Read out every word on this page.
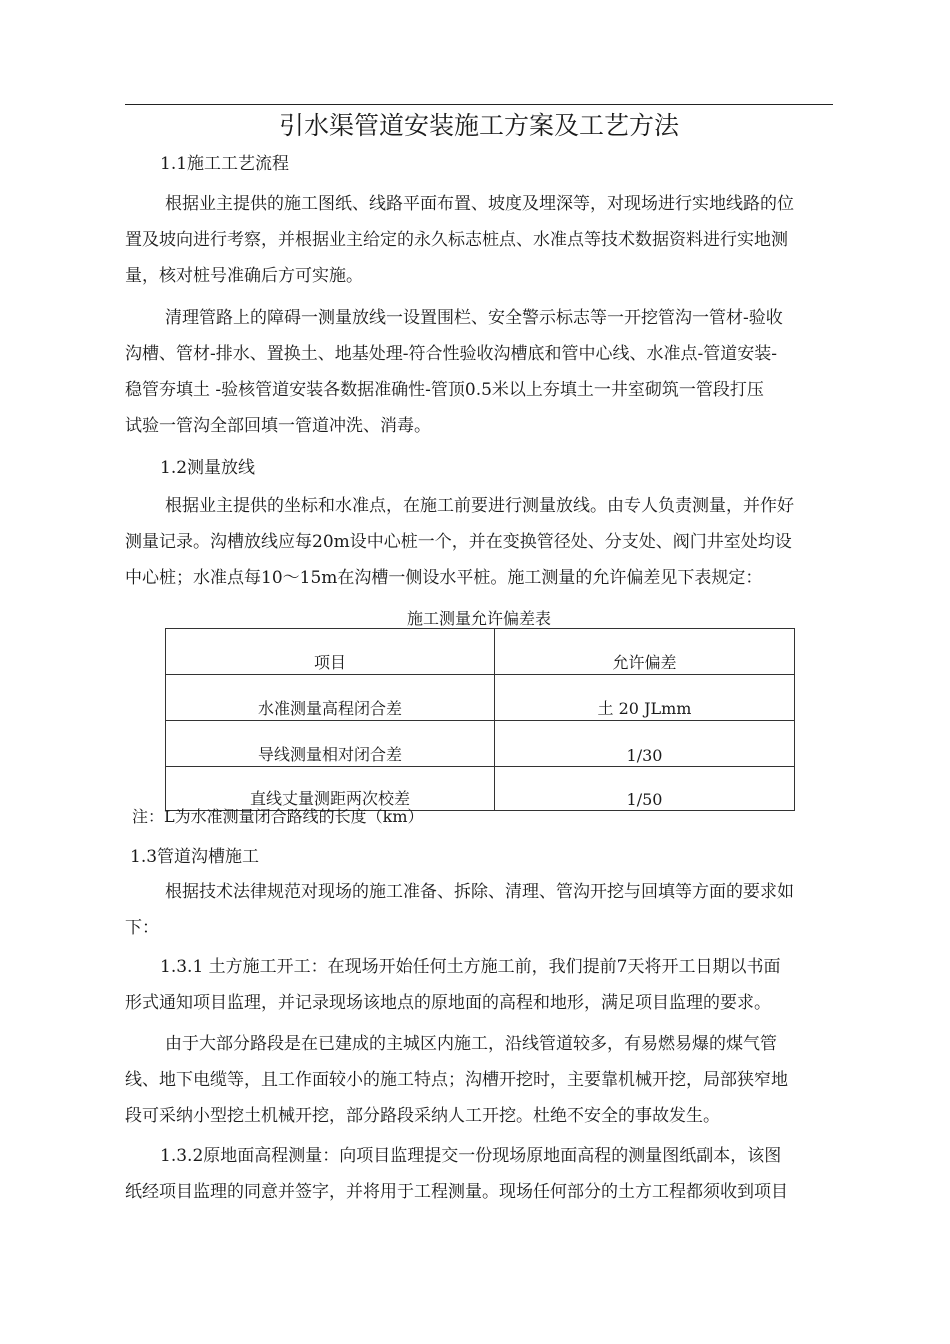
引水渠管道安装施工方案及工艺方法
1.1施工工艺流程
根据业主提供的施工图纸、线路平面布置、坡度及埋深等，对现场进行实地线路的位
置及坡向进行考察，并根据业主给定的永久标志桩点、水准点等技术数据资料进行实地测
量，核对桩号准确后方可实施。
清理管路上的障碍一测量放线一设置围栏、安全警示标志等一开挖管沟一管材-验收
沟槽、管材-排水、置换土、地基处理-符合性验收沟槽底和管中心线、水准点-管道安装-
稳管夯填土 -验核管道安装各数据准确性-管顶0.5米以上夯填土一井室砌筑一管段打压
试验一管沟全部回填一管道冲洗、消毒。
1.2测量放线
根据业主提供的坐标和水准点，在施工前要进行测量放线。由专人负责测量，并作好
测量记录。沟槽放线应每20m设中心桩一个，并在变换管径处、分支处、阀门井室处均设
中心桩；水准点每10〜15m在沟槽一侧设水平桩。施工测量的允许偏差见下表规定：
施工测量允许偏差表
项目	允许偏差
水准测量高程闭合差	土 20 JLmm
导线测量相对闭合差	1/30
直线丈量测距两次校差	1/50
注：L为水准测量闭合路线的长度（km）
1.3管道沟槽施工
根据技术法律规范对现场的施工准备、拆除、清理、管沟开挖与回填等方面的要求如
下：
1.3.1 土方施工开工：在现场开始任何土方施工前，我们提前7天将开工日期以书面
形式通知项目监理，并记录现场该地点的原地面的高程和地形，满足项目监理的要求。
由于大部分路段是在已建成的主城区内施工，沿线管道较多，有易燃易爆的煤气管
线、地下电缆等，且工作面较小的施工特点；沟槽开挖时，主要靠机械开挖，局部狭窄地
段可采纳小型挖土机械开挖，部分路段采纳人工开挖。杜绝不安全的事故发生。
1.3.2原地面高程测量：向项目监理提交一份现场原地面高程的测量图纸副本，该图
纸经项目监理的同意并签字，并将用于工程测量。现场任何部分的土方工程都须收到项目
